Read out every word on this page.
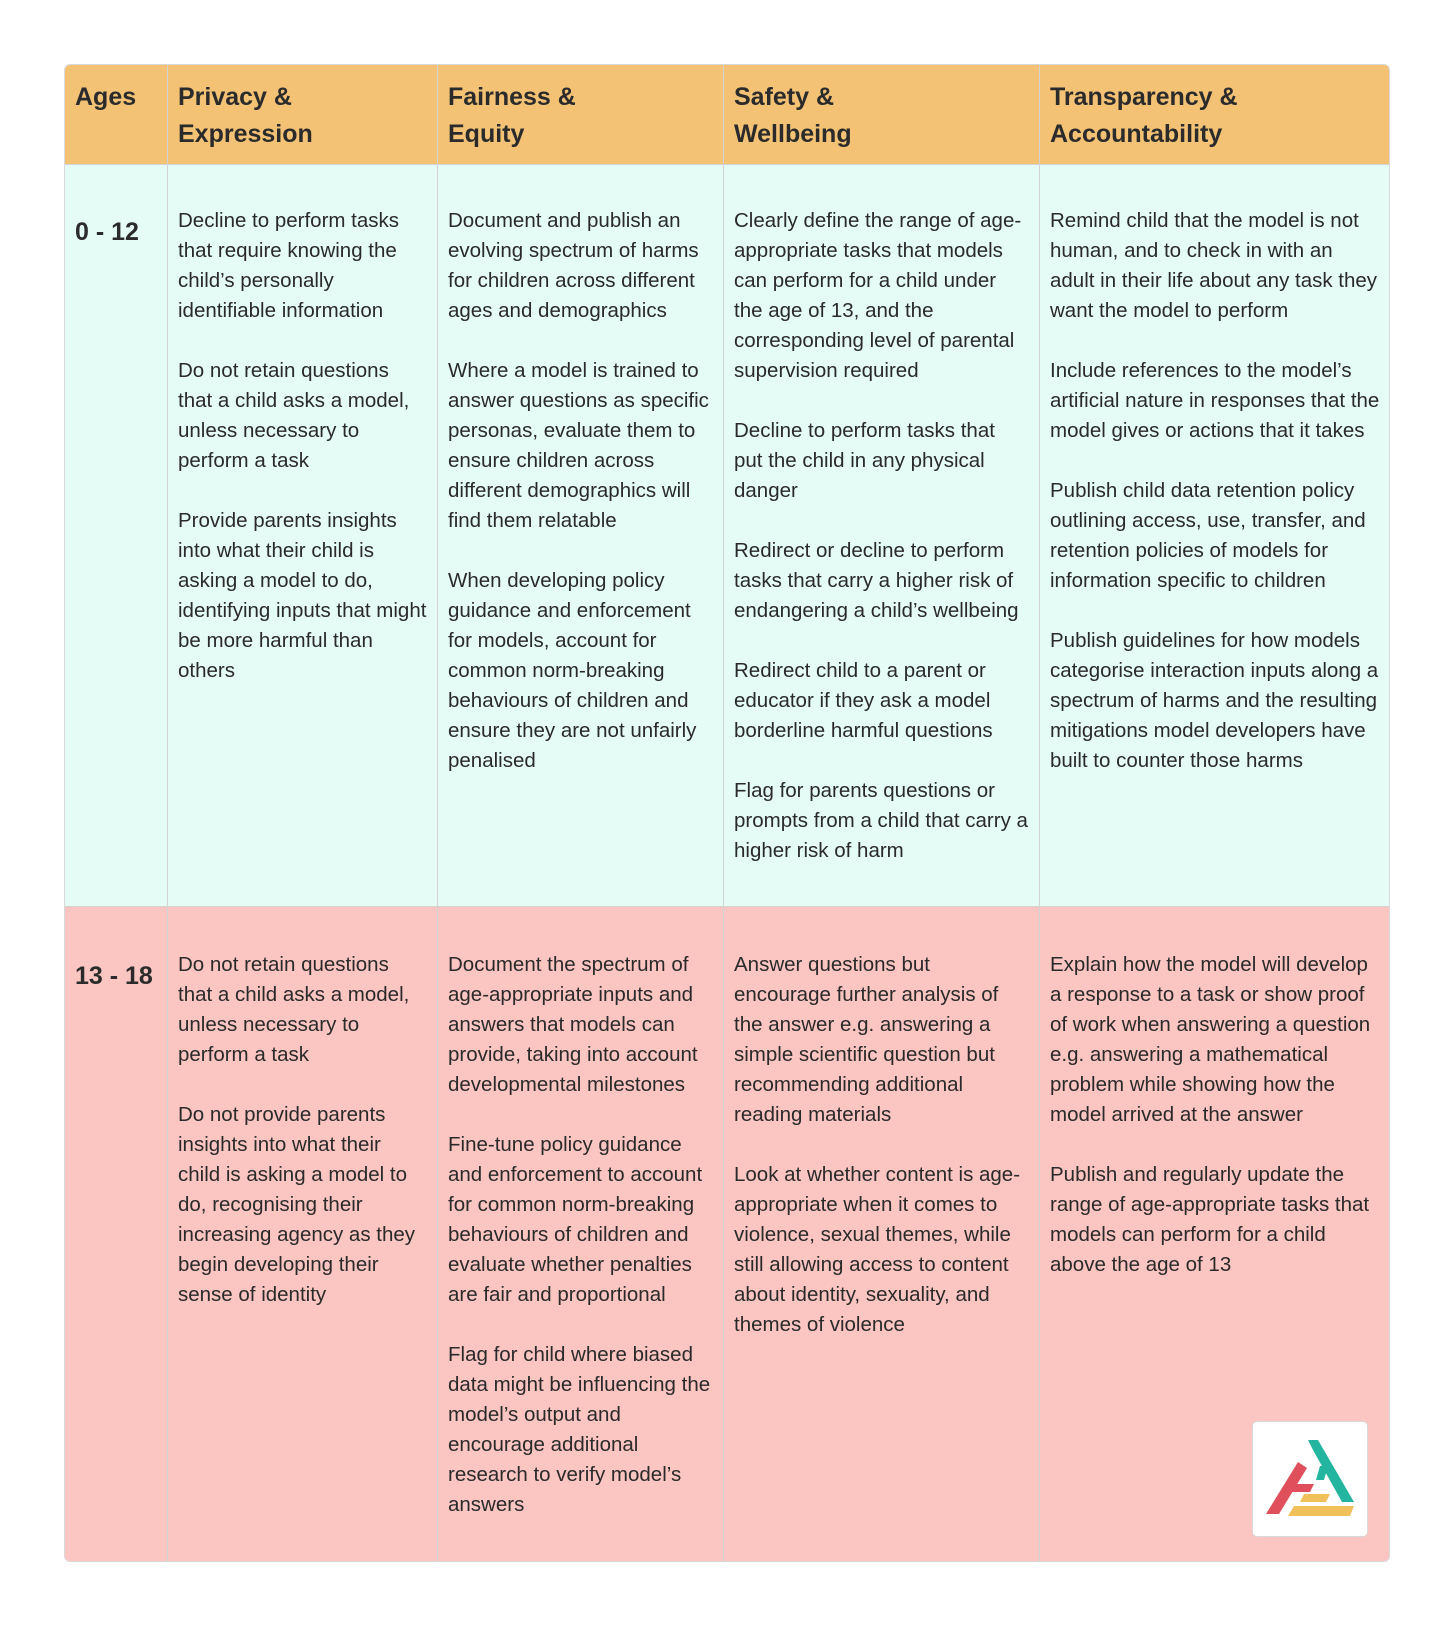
Ages Privacy &
Expression
Fairness &
Equity
Safety &
Wellbeing
Transparency &
Accountability
0 - 12	Decline to perform tasks that require knowing the child’s personally identifiable information

Do not retain questions that a child asks a model, unless necessary to perform a task

Provide parents insights into what their child is asking a model to do, identifying inputs that might be more harmful than others

Document and publish an evolving spectrum of harms for children across different ages and demographics

Where a model is trained to answer questions as specific personas, evaluate them to ensure children across different demographics will find them relatable

When developing policy guidance and enforcement for models, account for common norm-breaking behaviours of children and ensure they are not unfairly penalised

Clearly define the range of age-appropriate tasks that models can perform for a child under the age of 13, and the corresponding level of parental supervision required

Decline to perform tasks that put the child in any physical danger

Redirect or decline to perform tasks that carry a higher risk of endangering a child’s wellbeing

Redirect child to a parent or educator if they ask a model borderline harmful questions

Flag for parents questions or prompts from a child that carry a higher risk of harm

Remind child that the model is not human, and to check in with an adult in their life about any task they want the model to perform

Include references to the model’s artificial nature in responses that the model gives or actions that it takes

Publish child data retention policy outlining access, use, transfer, and retention policies of models for information specific to children

Publish guidelines for how models categorise interaction inputs along a spectrum of harms and the resulting mitigations model developers have built to counter those harms

13 - 18 Do not retain questions that a child asks a model, unless necessary to perform a task

Do not provide parents insights into what their child is asking a model to do, recognising their increasing agency as they begin developing their sense of identity

Document the spectrum of age-appropriate inputs and answers that models can provide, taking into account developmental milestones

Fine-tune policy guidance and enforcement to account for common norm-breaking behaviours of children and evaluate whether penalties are fair and proportional

Flag for child where biased data might be influencing the model’s output and encourage additional research to verify model’s answers

Answer questions but encourage further analysis of the answer e.g. answering a simple scientific question but recommending additional reading materials

Look at whether content is age-appropriate when it comes to violence, sexual themes, while still allowing access to content about identity, sexuality, and themes of violence

Explain how the model will develop a response to a task or show proof of work when answering a question e.g. answering a mathematical problem while showing how the model arrived at the answer

Publish and regularly update the range of age-appropriate tasks that models can perform for a child above the age of 13
